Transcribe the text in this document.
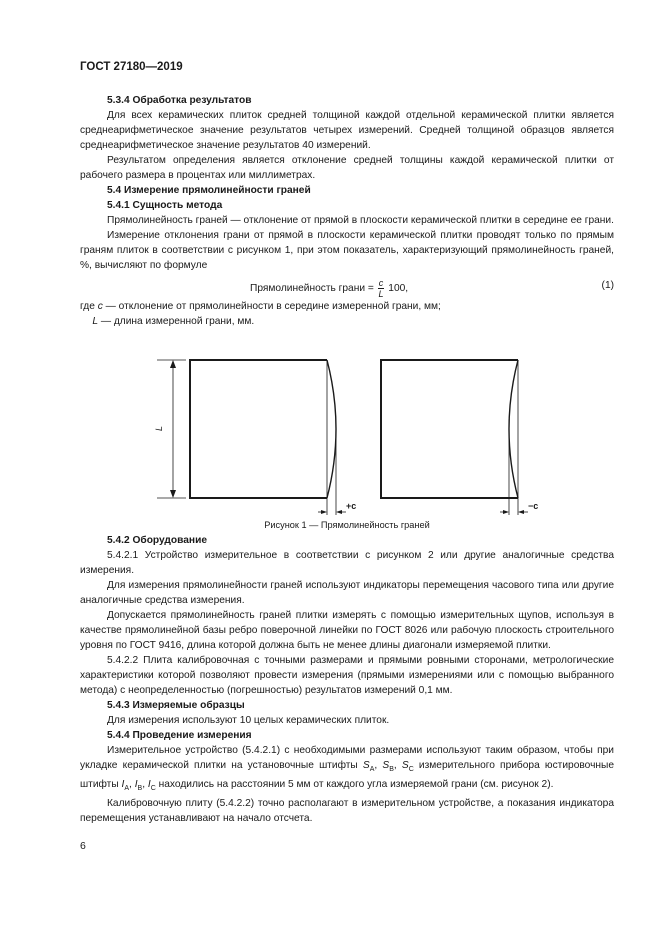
ГОСТ 27180—2019

5.3.4 Обработка результатов

Для всех керамических плиток средней толщиной каждой отдельной керамической плитки является среднеарифметическое значение результатов четырех измерений. Средней толщиной образцов является среднеарифметическое значение результатов 40 измерений.

Результатом определения является отклонение средней толщины каждой керамической плитки от рабочего размера в процентах или миллиметрах.

5.4 Измерение прямолинейности граней

5.4.1 Сущность метода

Прямолинейность граней — отклонение от прямой в плоскости керамической плитки в середине ее грани.

Измерение отклонения грани от прямой в плоскости керамической плитки проводят только по прямым граням плиток в соответствии с рисунком 1, при этом показатель, характеризующий прямолинейность граней, %, вычисляют по формуле

Прямолинейность грани = $\frac{c}{L} 100$,	(1)

где c — отклонение от прямолинейности в середине измеренной грани, мм;

L — длина измеренной грани, мм.

L
+c	−c
Рисунок 1 — Прямолинейность граней

5.4.2 Оборудование

5.4.2.1 Устройство измерительное в соответствии с рисунком 2 или другие аналогичные средства измерения.

Для измерения прямолинейности граней используют индикаторы перемещения часового типа или другие аналогичные средства измерения.

Допускается прямолинейность граней плитки измерять с помощью измерительных щупов, используя в качестве прямолинейной базы ребро поверочной линейки по ГОСТ 8026 или рабочую плоскость строительного уровня по ГОСТ 9416, длина которой должна быть не менее длины диагонали измеряемой плитки.

5.4.2.2 Плита калибровочная с точными размерами и прямыми ровными сторонами, метрологические характеристики которой позволяют провести измерения (прямыми измерениями или с помощью выбранного метода) с неопределенностью (погрешностью) результатов измерений 0,1 мм.

5.4.3 Измеряемые образцы

Для измерения используют 10 целых керамических плиток.

5.4.4 Проведение измерения

Измерительное устройство (5.4.2.1) с необходимыми размерами используют таким образом, чтобы при укладке керамической плитки на установочные штифты $S_A$, $S_B$, $S_C$ измерительного прибора юстировочные штифты $I_A$, $I_B$, $I_C$ находились на расстоянии 5 мм от каждого угла измеряемой грани (см. рисунок 2).

Калибровочную плиту (5.4.2.2) точно располагают в измерительном устройстве, а показания индикатора перемещения устанавливают на начало отсчета.

6
